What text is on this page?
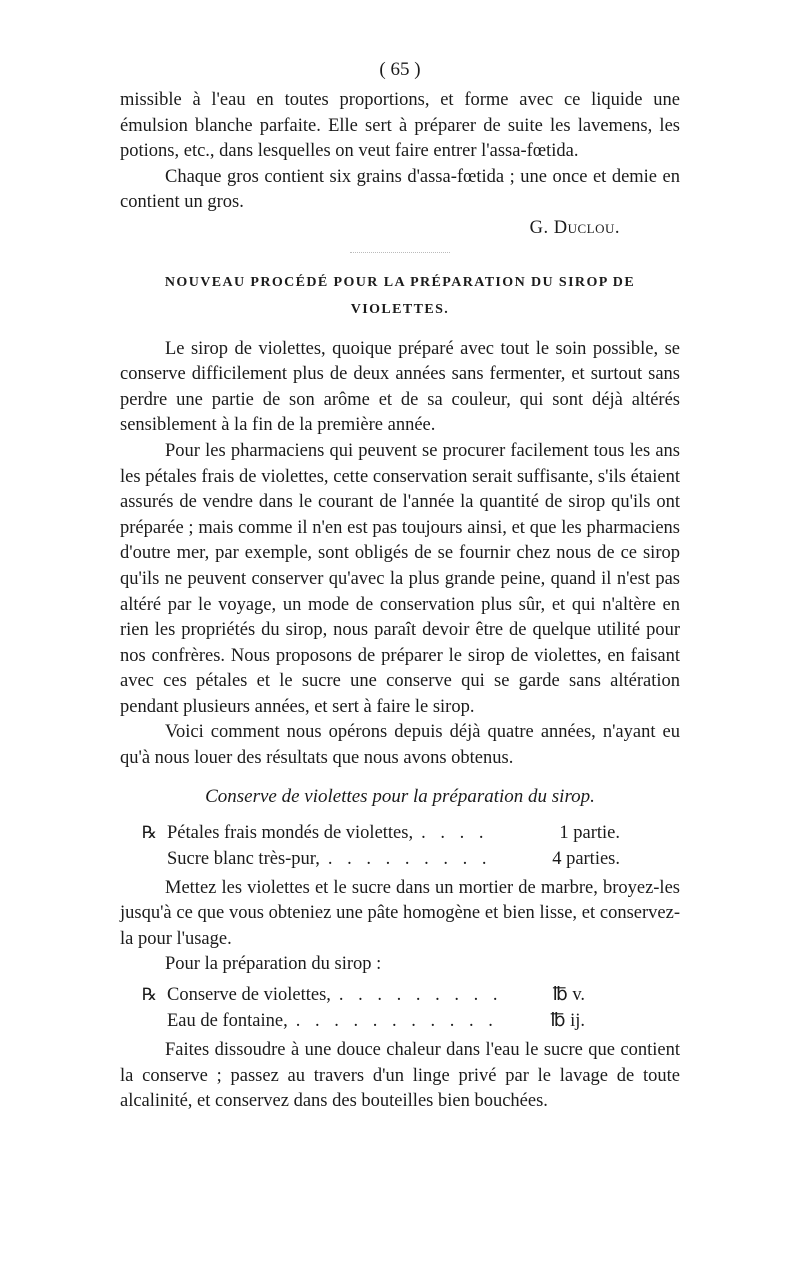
( 65 )

missible à l'eau en toutes proportions, et forme avec ce liquide une émulsion blanche parfaite. Elle sert à préparer de suite les lavemens, les potions, etc., dans lesquelles on veut faire entrer l'assa-fœtida.

Chaque gros contient six grains d'assa-fœtida ; une once et demie en contient un gros.

G. Duclou.
NOUVEAU PROCÉDÉ POUR LA PRÉPARATION DU SIROP DE
VIOLETTES.

Le sirop de violettes, quoique préparé avec tout le soin possible, se conserve difficilement plus de deux années sans fermenter, et surtout sans perdre une partie de son arôme et de sa couleur, qui sont déjà altérés sensiblement à la fin de la première année.

Pour les pharmaciens qui peuvent se procurer facilement tous les ans les pétales frais de violettes, cette conservation serait suffisante, s'ils étaient assurés de vendre dans le courant de l'année la quantité de sirop qu'ils ont préparée ; mais comme il n'en est pas toujours ainsi, et que les pharmaciens d'outre mer, par exemple, sont obligés de se fournir chez nous de ce sirop qu'ils ne peuvent conserver qu'avec la plus grande peine, quand il n'est pas altéré par le voyage, un mode de conservation plus sûr, et qui n'altère en rien les propriétés du sirop, nous paraît devoir être de quelque utilité pour nos confrères. Nous proposons de préparer le sirop de violettes, en faisant avec ces pétales et le sucre une conserve qui se garde sans altération pendant plusieurs années, et sert à faire le sirop.

Voici comment nous opérons depuis déjà quatre années, n'ayant eu qu'à nous louer des résultats que nous avons obtenus.

Conserve de violettes pour la préparation du sirop.
℞ Pétales frais mondés de violettes, . . . .	1 partie.
Sucre blanc très-pur, . . . . . . . . .	4 parties.

Mettez les violettes et le sucre dans un mortier de marbre, broyez-les jusqu'à ce que vous obteniez une pâte homogène et bien lisse, et conservez-la pour l'usage.

Pour la préparation du sirop :

℞ Conserve de violettes, . . . . . . . . .	℔ v.
Eau de fontaine, . . . . . . . . . . .	℔ ij.

Faites dissoudre à une douce chaleur dans l'eau le sucre que contient la conserve ; passez au travers d'un linge privé par le lavage de toute alcalinité, et conservez dans des bouteilles bien bouchées.
